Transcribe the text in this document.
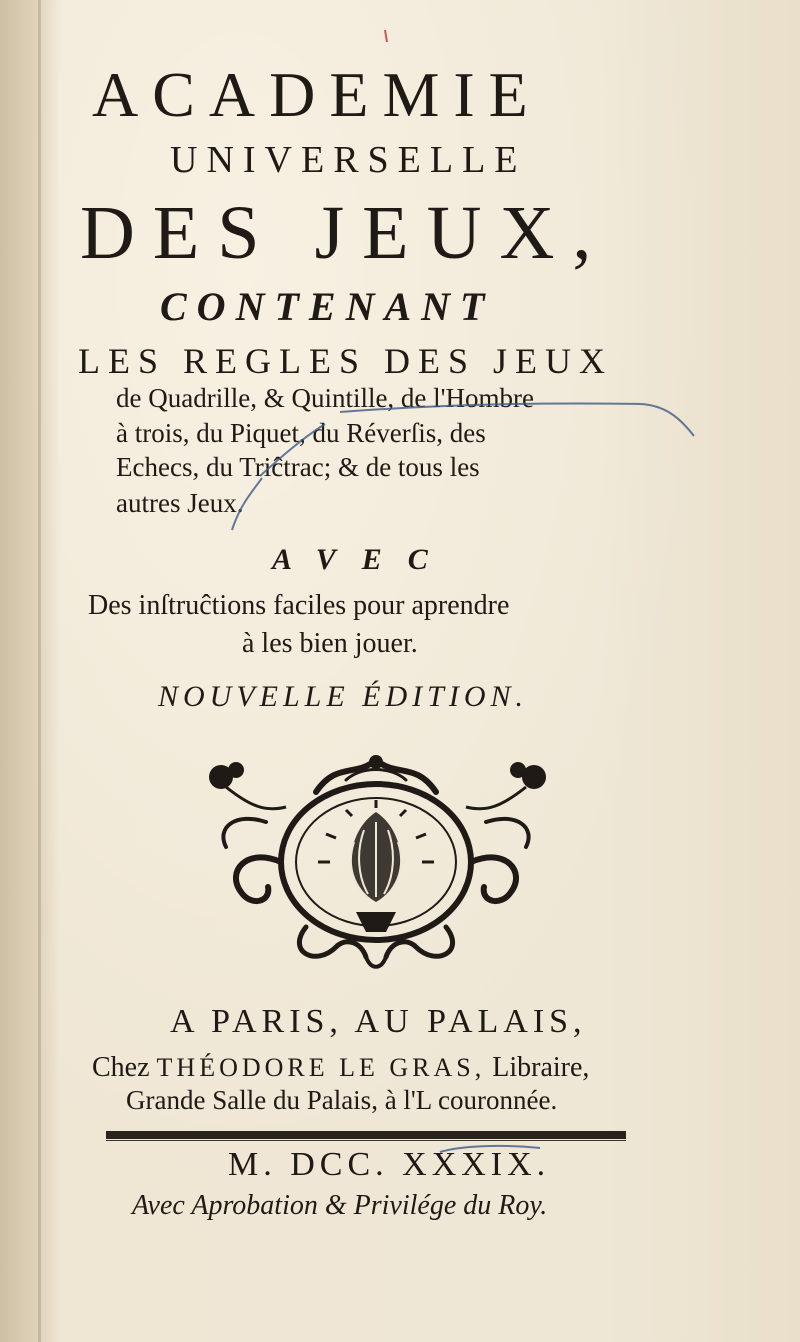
ACADEMIE
UNIVERSELLE
DES JEUX,
CONTENANT
LES REGLES DES JEUX
de Quadrille, & Quintille, de l'Hombre
à trois, du Piquet, du Réverſis, des
Echecs, du Triĉtrac; & de tous les
autres Jeux.
AVEC
Des inſtruĉtions faciles pour aprendre
à les bien jouer.
NOUVELLE ÉDITION.
A PARIS, AU PALAIS,
Chez THÉODORE LE GRAS, Libraire,
Grande Salle du Palais, à l'L couronnée.
M. DCC. XXXIX.
Avec Aprobation & Privilége du Roy.
